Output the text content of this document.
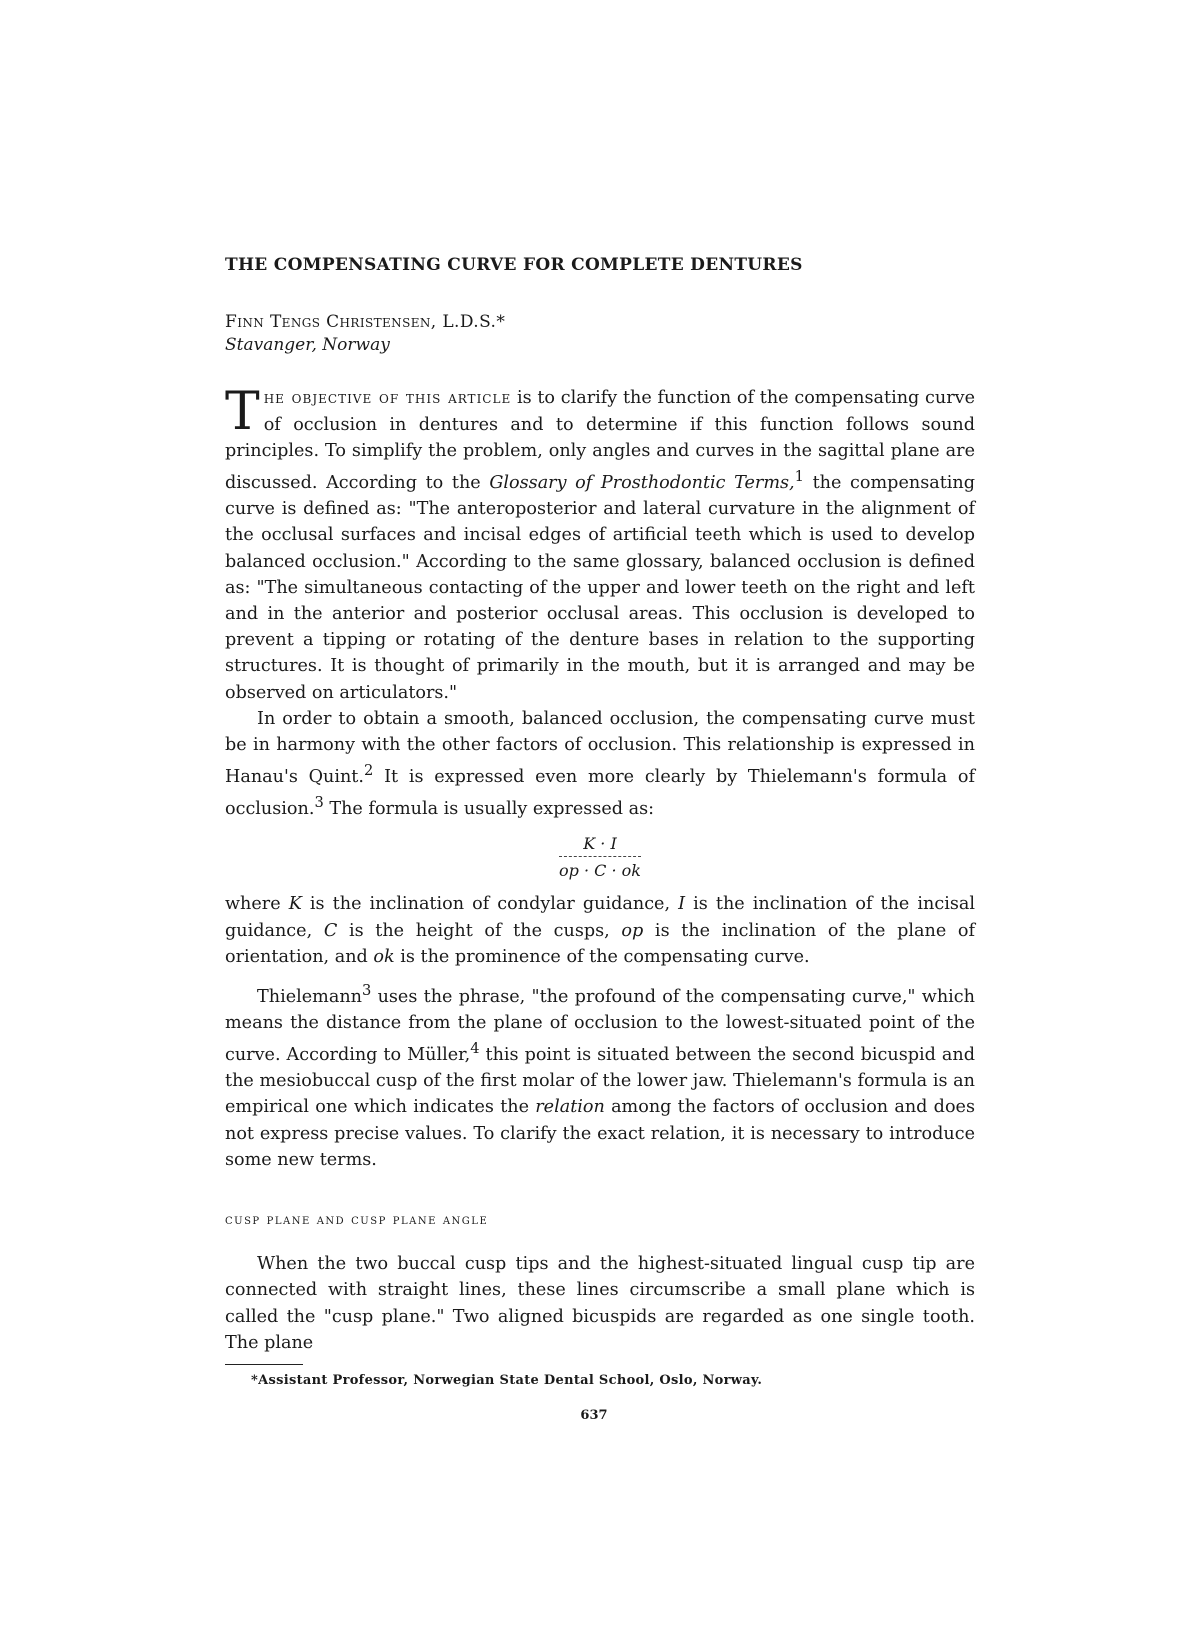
THE COMPENSATING CURVE FOR COMPLETE DENTURES
Finn Tengs Christensen, L.D.S.*
Stavanger, Norway

The objective of this article is to clarify the function of the compensating curve of occlusion in dentures and to determine if this function follows sound principles. To simplify the problem, only angles and curves in the sagittal plane are discussed. According to the Glossary of Prosthodontic Terms,$^1$ the compensating curve is defined as: "The anteroposterior and lateral curvature in the alignment of the occlusal surfaces and incisal edges of artificial teeth which is used to develop balanced occlusion." According to the same glossary, balanced occlusion is defined as: "The simultaneous contacting of the upper and lower teeth on the right and left and in the anterior and posterior occlusal areas. This occlusion is developed to prevent a tipping or rotating of the denture bases in relation to the supporting structures. It is thought of primarily in the mouth, but it is arranged and may be observed on articulators."

In order to obtain a smooth, balanced occlusion, the compensating curve must be in harmony with the other factors of occlusion. This relationship is expressed in Hanau's Quint.$^2$ It is expressed even more clearly by Thielemann's formula of occlusion.$^3$ The formula is usually expressed as:

$\frac{K \cdot I}{op \cdot C \cdot ok}$

where K is the inclination of condylar guidance, I is the inclination of the incisal guidance, C is the height of the cusps, op is the inclination of the plane of orientation, and ok is the prominence of the compensating curve.

Thielemann$^3$ uses the phrase, "the profound of the compensating curve," which means the distance from the plane of occlusion to the lowest-situated point of the curve. According to Müller,$^4$ this point is situated between the second bicuspid and the mesiobuccal cusp of the first molar of the lower jaw. Thielemann's formula is an empirical one which indicates the relation among the factors of occlusion and does not express precise values. To clarify the exact relation, it is necessary to introduce some new terms.

cusp plane and cusp plane angle

When the two buccal cusp tips and the highest-situated lingual cusp tip are connected with straight lines, these lines circumscribe a small plane which is called the "cusp plane." Two aligned bicuspids are regarded as one single tooth. The plane

*Assistant Professor, Norwegian State Dental School, Oslo, Norway.
637
